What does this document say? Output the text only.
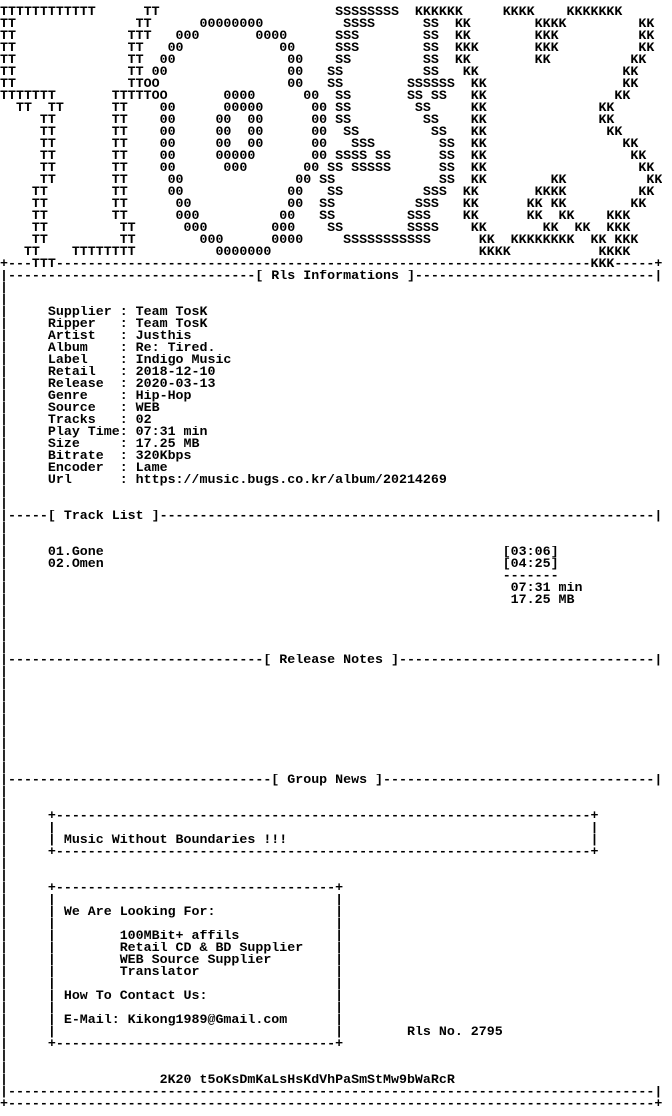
TTTTTTTTTTTT      TT                      SSSSSSSS  KKKKKK     KKKK    KKKKKKK
TT               TT      00000000          SSSS      SS  KK        KKKK         KK
TT              TTT   000       0000      SSS        SS  KK        KKK          KK
TT              TT   00            00     SSS        SS  KKK       KKK          KK
TT              TT  00              00    SS         SS  KK        KK          KK
TT              TT 00               00   SS          SS   KK                  KK
TT              TTOO                00   SS        SSSSSS  KK                 KK
TTTTTTT       TTTTTOO       0000      00  SS       SS SS   KK                KK
TT  TT      TT    00      00000      00 SS        SS     KK              KK
TT       TT    00     00  00      00 SS         SS    KK              KK
TT       TT    00     00  00      00  SS         SS   KK               KK
TT       TT    00     00  00      00   SSS        SS  KK                 KK
TT       TT    00     00000       00 SSSS SS      SS  KK                  KK
TT       TT    00      000       00 SS SSSSS      SS  KK                   KK
TT       TT     00              00 SS             SS  KK        KK          KK
TT        TT     00             00   SS          SSS  KK       KKKK         KK
TT        TT      00            00  SS          SSS   KK      KK KK        KK
TT        TT      000          00   SS         SSS    KK      KK  KK    KKK
TT         TT      000        000    SS        SSSS    KK       KK  KK  KKK
TT         TT        000      0000     SSSSSSSSSSS      KK  KKKKKKKK  KK KKK
TT    TTTTTTTT          0000000                          KKKK           KKKK
+---TTT-------------------------------------------------------------------KKK-----+
|-------------------------------[ Rls Informations ]------------------------------|
|
|
|     Supplier : Team TosK
|     Ripper   : Team TosK
|     Artist   : Justhis
|     Album    : Re: Tired.
|     Label    : Indigo Music
|     Retail   : 2018-12-10
|     Release  : 2020-03-13
|     Genre    : Hip-Hop
|     Source   : WEB
|     Tracks   : 02
|     Play Time: 07:31 min
|     Size     : 17.25 MB
|     Bitrate  : 320Kbps
|     Encoder  : Lame
|     Url      : https://music.bugs.co.kr/album/20214269
|
|
|-----[ Track List ]--------------------------------------------------------------|
|
|
|     01.Gone                                                  [03:06]
|     02.Omen                                                  [04:25]
|                                                              -------
|                                                               07:31 min
|                                                               17.25 MB
|
|
|
|
|--------------------------------[ Release Notes ]--------------------------------|
|
|
|
|
|
|
|
|
|
|---------------------------------[ Group News ]----------------------------------|
|
|
|     +-------------------------------------------------------------------+
|     |                                                                   |
|     | Music Without Boundaries !!!                                      |
|     +-------------------------------------------------------------------+
|
|
|     +-----------------------------------+
|     |                                   |
|     | We Are Looking For:               |
|     |                                   |
|     |        100MBit+ affils            |
|     |        Retail CD & BD Supplier    |
|     |        WEB Source Supplier        |
|     |        Translator                 |
|     |                                   |
|     | How To Contact Us:                |
|     |                                   |
|     | E-Mail: Kikong1989@Gmail.com      |
|     |                                   |        Rls No. 2795
|     +-----------------------------------+
|
|
|                   2K20 t5oKsDmKaLsHsKdVhPaSmStMw9bWaRcR
|---------------------------------------------------------------------------------|
+---------------------------------------------------------------------------------+
